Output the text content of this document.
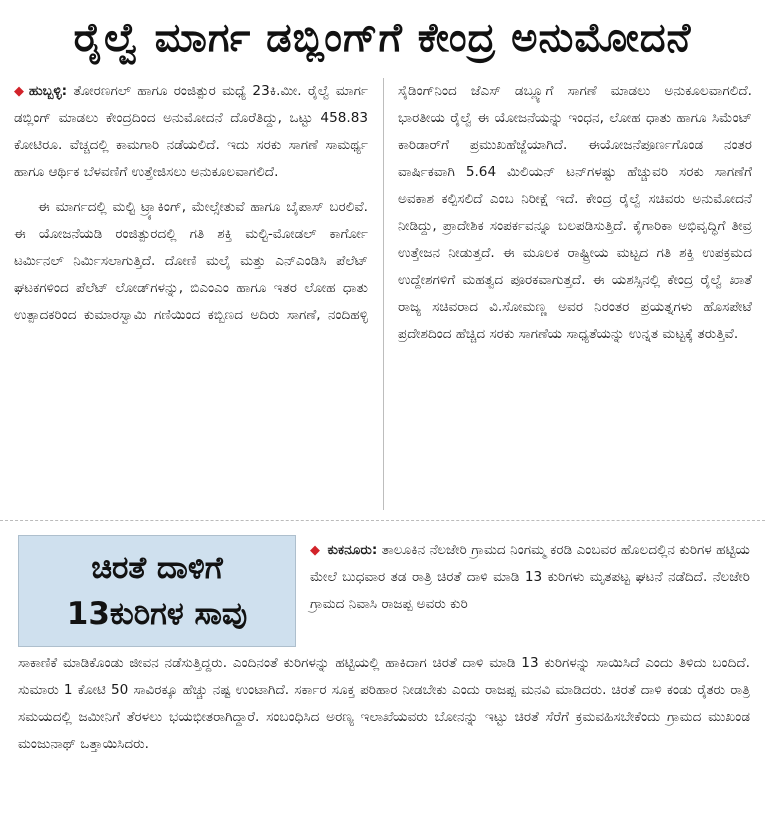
ರೈಲ್ವೆ ಮಾರ್ಗ ಡಬ್ಲಿಂಗ್‌ಗೆ ಕೇಂದ್ರ ಅನುಮೋದನೆ

◆ ಹುಬ್ಬಳ್ಳಿ: ತೋರಣಗಲ್ ಹಾಗೂ ರಂಜಿತ್ಪುರ ಮಧ್ಯೆ 23ಕಿ.ಮೀ. ರೈಲ್ವೆ ಮಾರ್ಗ ಡಬ್ಲಿಂಗ್ ಮಾಡಲು ಕೇಂದ್ರದಿಂದ ಅನುಮೋದನೆ ದೊರೆತಿದ್ದು, ಒಟ್ಟು 458.83 ಕೋಟಿರೂ. ವೆಚ್ಚದಲ್ಲಿ ಕಾಮಗಾರಿ ನಡೆಯಲಿದೆ. ಇದು ಸರಕು ಸಾಗಣೆ ಸಾಮರ್ಥ್ಯ ಹಾಗೂ ಆರ್ಥಿಕ ಬೆಳವಣಿಗೆ ಉತ್ತೇಜಿಸಲು ಅನುಕೂಲವಾಗಲಿದೆ.

ಈ ಮಾರ್ಗದಲ್ಲಿ ಮಲ್ಟಿ ಟ್ರ್ಯಾಕಿಂಗ್, ಮೇಲ್ಸೇತುವೆ ಹಾಗೂ ಬೈಪಾಸ್ ಬರಲಿವೆ. ಈ ಯೋಜನೆಯಡಿ ರಂಜಿತ್ಪುರದಲ್ಲಿ ಗತಿ ಶಕ್ತಿ ಮಲ್ಟಿ-ಮೋಡಲ್ ಕಾರ್ಗೋ ಟರ್ಮಿನಲ್ ನಿರ್ಮಿಸಲಾಗುತ್ತಿದೆ. ದೋಣಿ ಮಲೈ ಮತ್ತು ಎನ್‌ಎಂಡಿಸಿ ಪೆಲೆಟ್ ಘಟಕಗಳಿಂದ ಪೆಲೆಟ್ ಲೋಡ್‌ಗಳನ್ನು, ಬಿಎಂಎಂ ಹಾಗೂ ಇತರ ಲೋಹ ಧಾತು ಉತ್ಪಾದಕರಿಂದ ಕುಮಾರಸ್ವಾಮಿ ಗಣಿಯಿಂದ ಕಬ್ಬಿಣದ ಅದಿರು ಸಾಗಣೆ, ನಂದಿಹಳ್ಳಿ ಸೈಡಿಂಗ್‌ನಿಂದ ಜೆಎಸ್ ಡಬ್ಲ್ಯೂಗೆ ಸಾಗಣೆ ಮಾಡಲು ಅನುಕೂಲವಾಗಲಿದೆ. ಭಾರತೀಯ ರೈಲ್ವೆ ಈ ಯೋಜನೆಯನ್ನು ಇಂಧನ, ಲೋಹ ಧಾತು ಹಾಗೂ ಸಿಮೆಂಟ್ ಕಾರಿಡಾರ್‌ಗೆ ಪ್ರಮುಖಹೆಜ್ಜೆಯಾಗಿದೆ. ಈಯೋಜನೆಪೂರ್ಣಗೊಂಡ ನಂತರ ವಾರ್ಷಿಕವಾಗಿ 5.64 ಮಿಲಿಯನ್ ಟನ್‌ಗಳಷ್ಟು ಹೆಚ್ಚುವರಿ ಸರಕು ಸಾಗಣೆಗೆ ಅವಕಾಶ ಕಲ್ಪಿಸಲಿದೆ ಎಂಬ ನಿರೀಕ್ಷೆ ಇದೆ. ಕೇಂದ್ರ ರೈಲ್ವೆ ಸಚಿವರು ಅನುಮೋದನೆ ನೀಡಿದ್ದು, ಪ್ರಾದೇಶಿಕ ಸಂಪರ್ಕವನ್ನೂ ಬಲಪಡಿಸುತ್ತಿದೆ. ಕೈಗಾರಿಕಾ ಅಭಿವೃದ್ಧಿಗೆ ತೀವ್ರ ಉತ್ತೇಜನ ನೀಡುತ್ತದೆ. ಈ ಮೂಲಕ ರಾಷ್ಟ್ರೀಯ ಮಟ್ಟದ ಗತಿ ಶಕ್ತಿ ಉಪಕ್ರಮದ ಉದ್ದೇಶಗಳಿಗೆ ಮಹತ್ವದ ಪೂರಕವಾಗುತ್ತದೆ. ಈ ಯಶಸ್ಸಿನಲ್ಲಿ ಕೇಂದ್ರ ರೈಲ್ವೆ ಖಾತೆ ರಾಜ್ಯ ಸಚಿವರಾದ ವಿ.ಸೋಮಣ್ಣ ಅವರ ನಿರಂತರ ಪ್ರಯತ್ನಗಳು ಹೊಸಪೇಟೆ ಪ್ರದೇಶದಿಂದ ಹೆಚ್ಚಿದ ಸರಕು ಸಾಗಣೆಯ ಸಾಧ್ಯತೆಯನ್ನು ಉನ್ನತ ಮಟ್ಟಕ್ಕೆ ತರುತ್ತಿವೆ.

ಚಿರತೆ ದಾಳಿಗೆ
13ಕುರಿಗಳ ಸಾವು
◆ ಕುಕನೂರು: ತಾಲೂಕಿನ ನೆಲಜೇರಿ ಗ್ರಾಮದ ನಿಂಗಮ್ಮ ಕರಡಿ ಎಂಬವರ ಹೊಲದಲ್ಲಿನ ಕುರಿಗಳ ಹಟ್ಟಿಯ ಮೇಲೆ ಬುಧವಾರ ತಡ ರಾತ್ರಿ ಚಿರತೆ ದಾಳಿ ಮಾಡಿ 13 ಕುರಿಗಳು ಮೃತಪಟ್ಟ ಘಟನೆ ನಡೆದಿದೆ. ನೆಲಜೇರಿ ಗ್ರಾಮದ ನಿವಾಸಿ ರಾಜಪ್ಪ ಅವರು ಕುರಿ
ಸಾಕಾಣಿಕೆ ಮಾಡಿಕೊಂಡು ಜೀವನ ನಡೆಸುತ್ತಿದ್ದರು. ಎಂದಿನಂತೆ ಕುರಿಗಳನ್ನು ಹಟ್ಟಿಯಲ್ಲಿ ಹಾಕಿದಾಗ ಚಿರತೆ ದಾಳಿ ಮಾಡಿ 13 ಕುರಿಗಳನ್ನು ಸಾಯಿಸಿದೆ ಎಂದು ತಿಳಿದು ಬಂದಿದೆ. ಸುಮಾರು 1 ಕೋಟಿ 50 ಸಾವಿರಕ್ಕೂ ಹೆಚ್ಚು ನಷ್ಟ ಉಂಟಾಗಿದೆ. ಸರ್ಕಾರ ಸೂಕ್ತ ಪರಿಹಾರ ನೀಡಬೇಕು ಎಂದು ರಾಜಪ್ಪ ಮನವಿ ಮಾಡಿದರು. ಚಿರತೆ ದಾಳಿ ಕಂಡು ರೈತರು ರಾತ್ರಿ ಸಮಯದಲ್ಲಿ ಜಮೀನಿಗೆ ತೆರಳಲು ಭಯಭೀತರಾಗಿದ್ದಾರೆ. ಸಂಬಂಧಿಸಿದ ಅರಣ್ಯ ಇಲಾಖೆಯವರು ಬೋನನ್ನು ಇಟ್ಟು ಚಿರತೆ ಸೆರೆಗೆ ಕ್ರಮವಹಿಸಬೇಕೆಂದು ಗ್ರಾಮದ ಮುಖಂಡ ಮಂಜುನಾಥ್ ಒತ್ತಾಯಿಸಿದರು.
